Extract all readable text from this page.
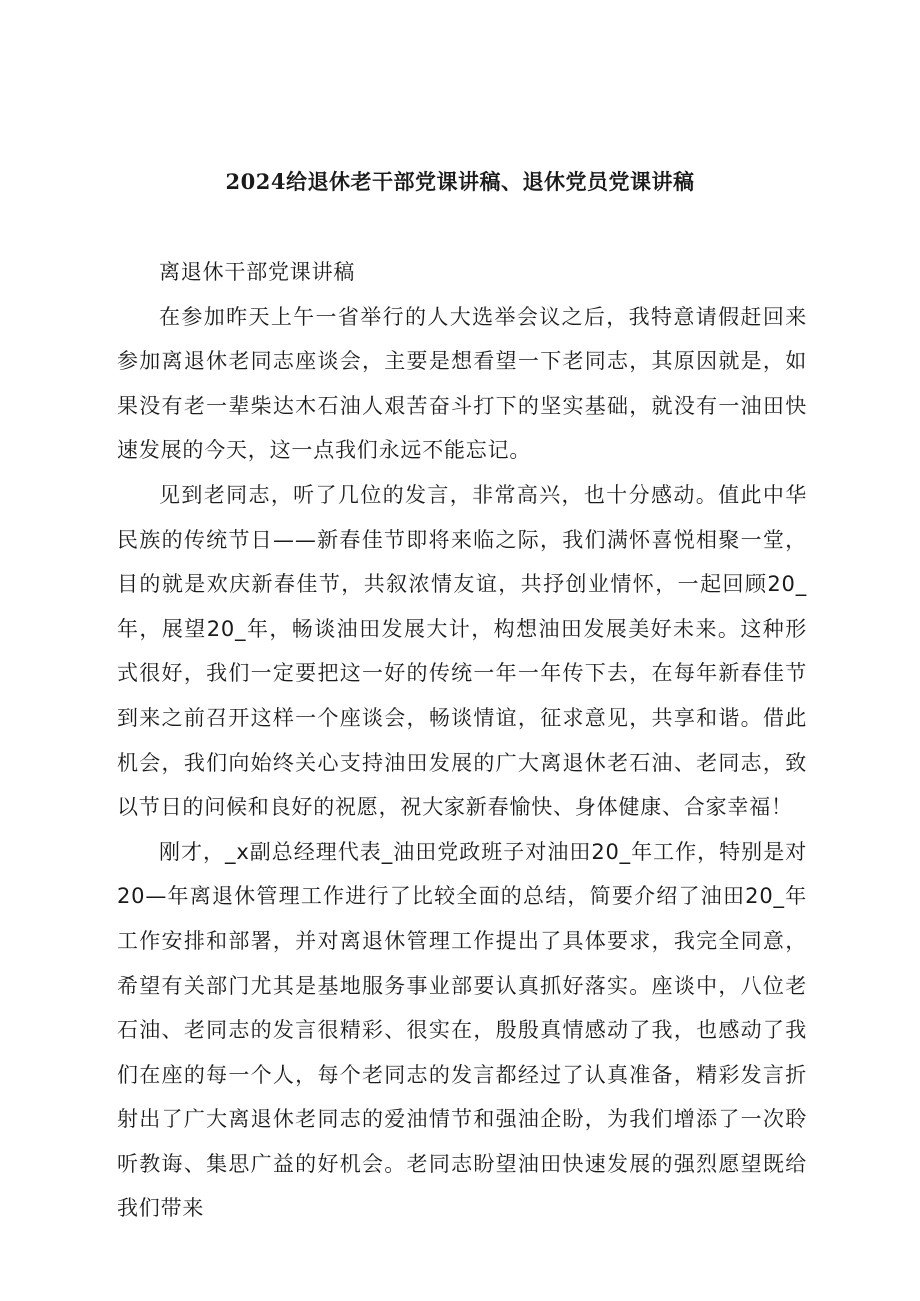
2024给退休老干部党课讲稿、退休党员党课讲稿

离退休干部党课讲稿

在参加昨天上午一省举行的人大选举会议之后，我特意请假赶回来参加离退休老同志座谈会，主要是想看望一下老同志，其原因就是，如果没有老一辈柴达木石油人艰苦奋斗打下的坚实基础，就没有一油田快速发展的今天，这一点我们永远不能忘记。

见到老同志，听了几位的发言，非常高兴，也十分感动。值此中华民族的传统节日——新春佳节即将来临之际，我们满怀喜悦相聚一堂，目的就是欢庆新春佳节，共叙浓情友谊，共抒创业情怀，一起回顾20_年，展望20_年，畅谈油田发展大计，构想油田发展美好未来。这种形式很好，我们一定要把这一好的传统一年一年传下去，在每年新春佳节到来之前召开这样一个座谈会，畅谈情谊，征求意见，共享和谐。借此机会，我们向始终关心支持油田发展的广大离退休老石油、老同志，致以节日的问候和良好的祝愿，祝大家新春愉快、身体健康、合家幸福！

刚才，_x副总经理代表_油田党政班子对油田20_年工作，特别是对20—年离退休管理工作进行了比较全面的总结，简要介绍了油田20_年工作安排和部署，并对离退休管理工作提出了具体要求，我完全同意，希望有关部门尤其是基地服务事业部要认真抓好落实。座谈中，八位老石油、老同志的发言很精彩、很实在，殷殷真情感动了我，也感动了我们在座的每一个人，每个老同志的发言都经过了认真准备，精彩发言折射出了广大离退休老同志的爱油情节和强油企盼，为我们增添了一次聆听教诲、集思广益的好机会。老同志盼望油田快速发展的强烈愿望既给我们带来
